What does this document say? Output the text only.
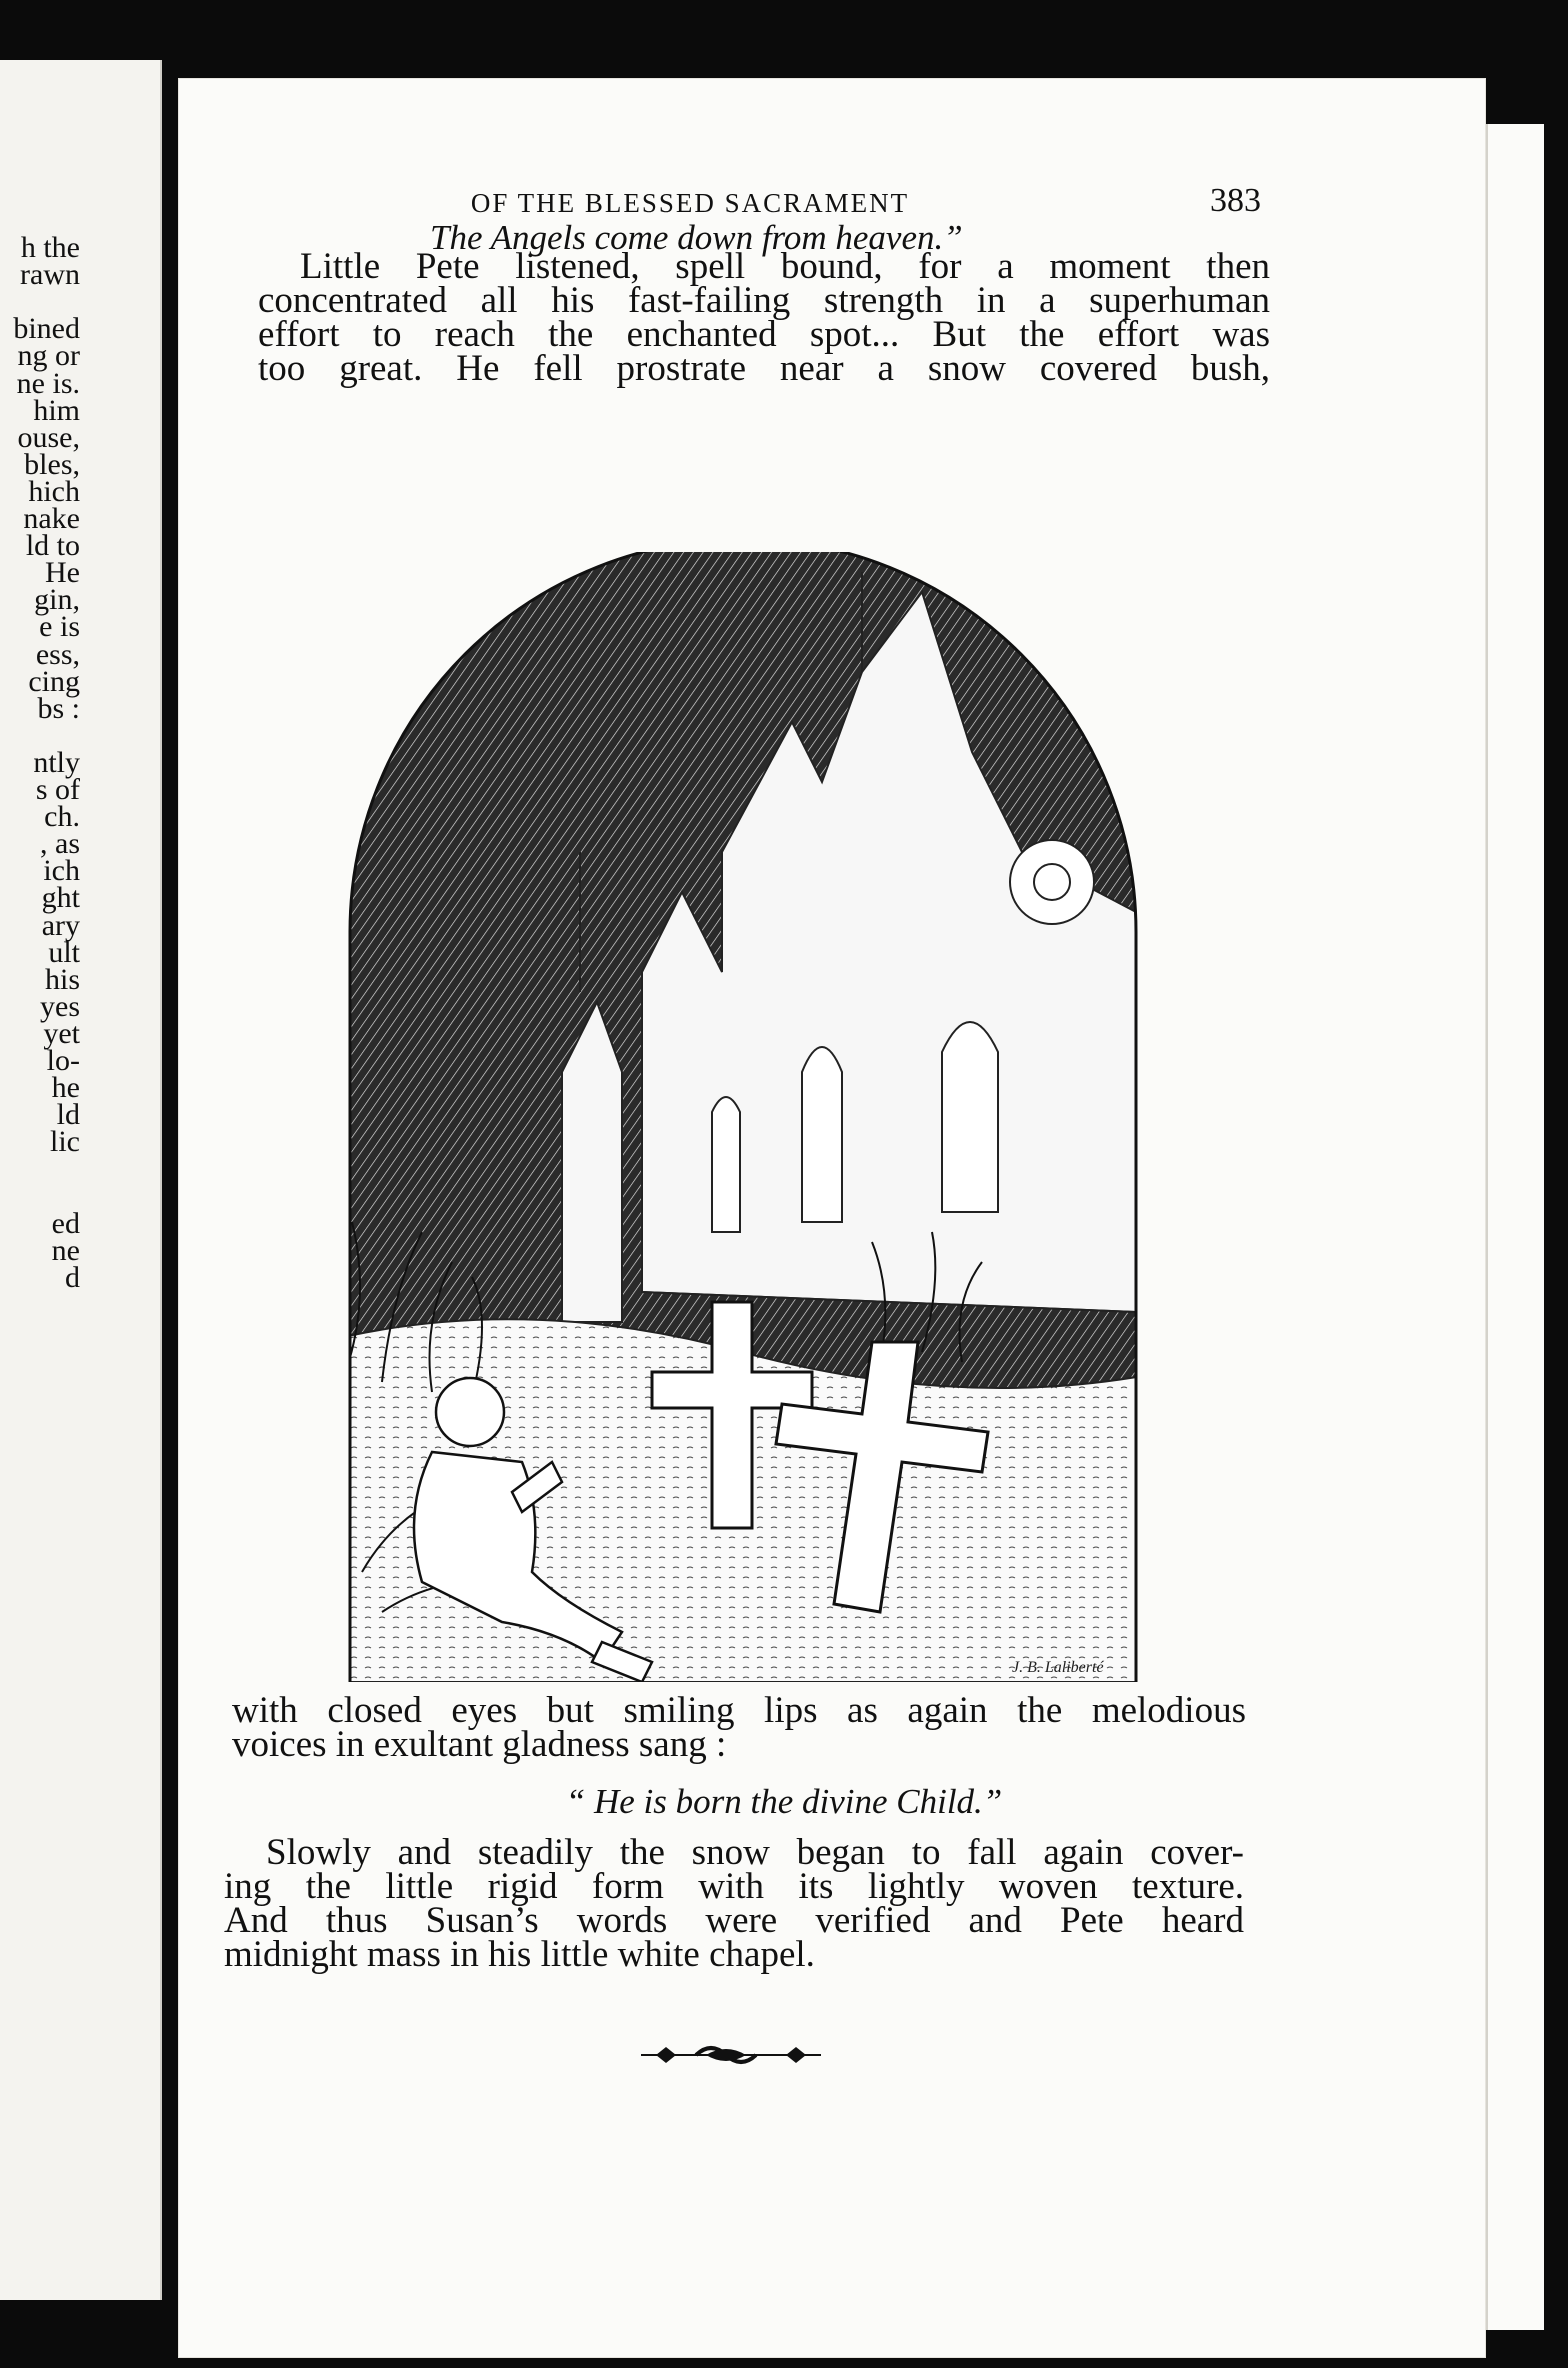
h the
rawn
bined
ng or
ne is.
him
ouse,
bles,
hich
nake
ld to
He
gin,
e is
ess,
cing
bs :
ntly
s of
ch.
, as
ich
ght
ary
ult
his
yes
yet
lo-
he
ld
lic
ed
ne
d
OF THE BLESSED SACRAMENT	383
The Angels come down from heaven.”
Little Pete listened, spell bound, for a moment then
concentrated all his fast-failing strength in a superhuman
effort to reach the enchanted spot... But the effort was
too great. He fell prostrate near a snow covered bush,
J. B. Laliberté
with closed eyes but smiling lips as again the melodious
voices in exultant gladness sang :
“ He is born the divine Child.”
Slowly and steadily the snow began to fall again cover-
ing the little rigid form with its lightly woven texture.
And thus Susan’s words were verified and Pete heard
midnight mass in his little white chapel.
